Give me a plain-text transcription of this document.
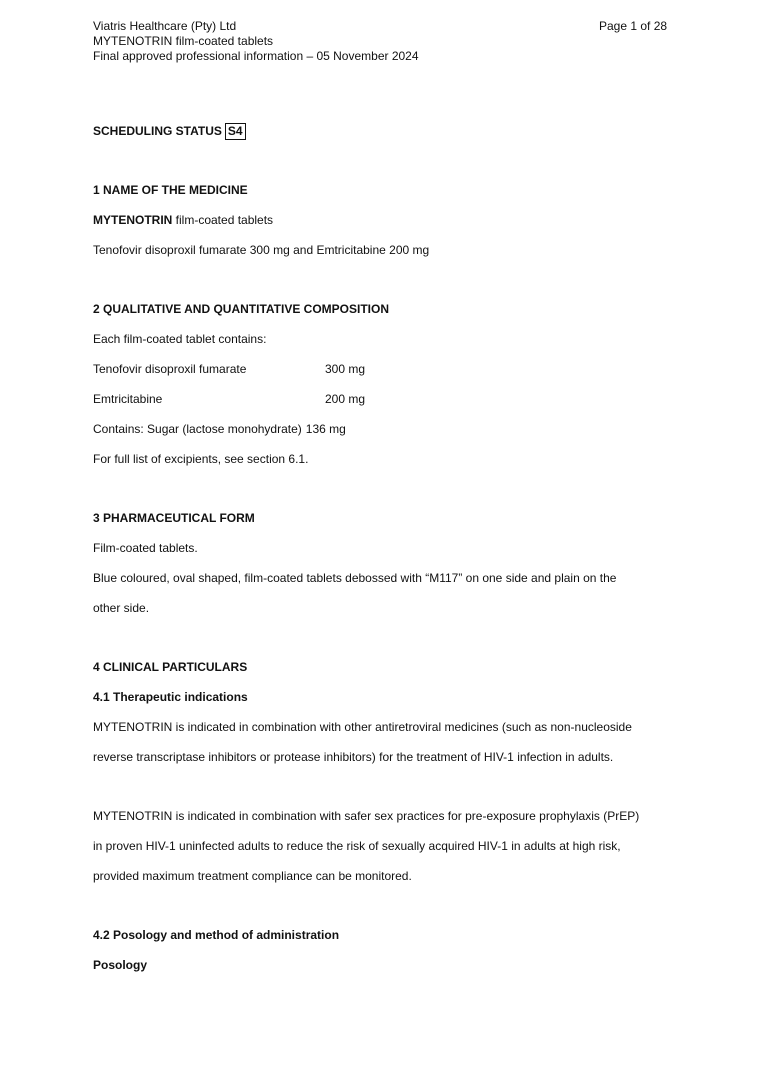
Viatris Healthcare (Pty) Ltd
MYTENOTRIN film-coated tablets
Final approved professional information – 05 November 2024
Page 1 of 28
SCHEDULING STATUS S4
1 NAME OF THE MEDICINE
MYTENOTRIN film-coated tablets
Tenofovir disoproxil fumarate 300 mg and Emtricitabine 200 mg
2 QUALITATIVE AND QUANTITATIVE COMPOSITION
Each film-coated tablet contains:
Tenofovir disoproxil fumarate	300 mg
Emtricitabine	200 mg
Contains: Sugar (lactose monohydrate) 136 mg
For full list of excipients, see section 6.1.
3 PHARMACEUTICAL FORM
Film-coated tablets.
Blue coloured, oval shaped, film-coated tablets debossed with “M117” on one side and plain on the
other side.
4 CLINICAL PARTICULARS
4.1 Therapeutic indications
MYTENOTRIN is indicated in combination with other antiretroviral medicines (such as non-nucleoside
reverse transcriptase inhibitors or protease inhibitors) for the treatment of HIV-1 infection in adults.
MYTENOTRIN is indicated in combination with safer sex practices for pre-exposure prophylaxis (PrEP)
in proven HIV-1 uninfected adults to reduce the risk of sexually acquired HIV-1 in adults at high risk,
provided maximum treatment compliance can be monitored.
4.2 Posology and method of administration
Posology
